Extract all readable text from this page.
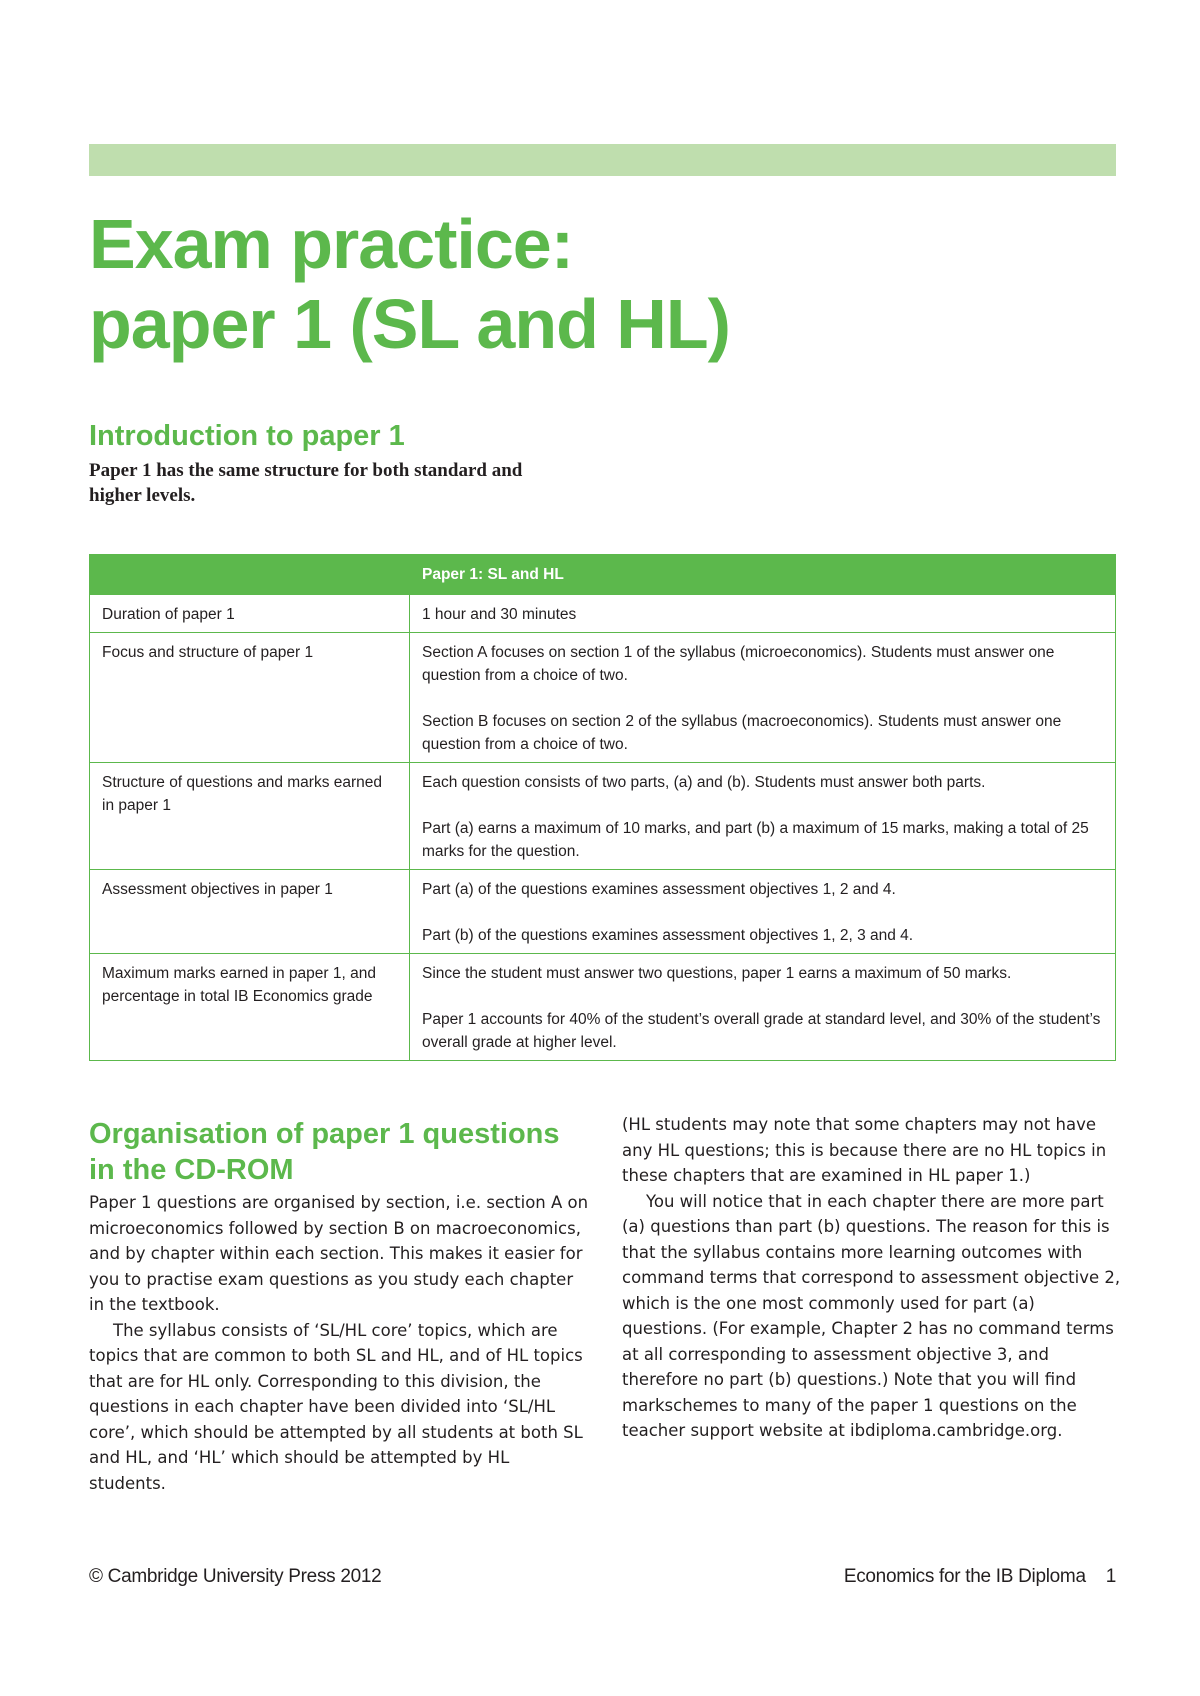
Exam practice:
paper 1 (SL and HL)
Introduction to paper 1

Paper 1 has the same structure for both standard and higher levels.

	Paper 1: SL and HL
Duration of paper 1	1 hour and 30 minutes

Focus and structure of paper 1	Section A focuses on section 1 of the syllabus (microeconomics). Students must answer one question from a choice of two.

Section B focuses on section 2 of the syllabus (macroeconomics). Students must answer one question from a choice of two.

Structure of questions and marks earned in paper 1	Each question consists of two parts, (a) and (b). Students must answer both parts.

Part (a) earns a maximum of 10 marks, and part (b) a maximum of 15 marks, making a total of 25 marks for the question.

Assessment objectives in paper 1	Part (a) of the questions examines assessment objectives 1, 2 and 4.

Part (b) of the questions examines assessment objectives 1, 2, 3 and 4.

Maximum marks earned in paper 1, and percentage in total IB Economics grade	Since the student must answer two questions, paper 1 earns a maximum of 50 marks.

Paper 1 accounts for 40% of the student’s overall grade at standard level, and 30% of the student’s overall grade at higher level.

Organisation of paper 1 questions
in the CD-ROM

Paper 1 questions are organised by section, i.e. section A on microeconomics followed by section B on macroeconomics, and by chapter within each section. This makes it easier for you to practise exam questions as you study each chapter in the textbook.

The syllabus consists of ‘SL/HL core’ topics, which are topics that are common to both SL and HL, and of HL topics that are for HL only. Corresponding to this division, the questions in each chapter have been divided into ‘SL/HL core’, which should be attempted by all students at both SL and HL, and ‘HL’ which should be attempted by HL students.

(HL students may note that some chapters may not have any HL questions; this is because there are no HL topics in these chapters that are examined in HL paper 1.)

You will notice that in each chapter there are more part (a) questions than part (b) questions. The reason for this is that the syllabus contains more learning outcomes with command terms that correspond to assessment objective 2, which is the one most commonly used for part (a) questions. (For example, Chapter 2 has no command terms at all corresponding to assessment objective 3, and therefore no part (b) questions.) Note that you will find markschemes to many of the paper 1 questions on the teacher support website at ibdiploma.cambridge.org.

© Cambridge University Press 2012	Economics for the IB Diploma 1
